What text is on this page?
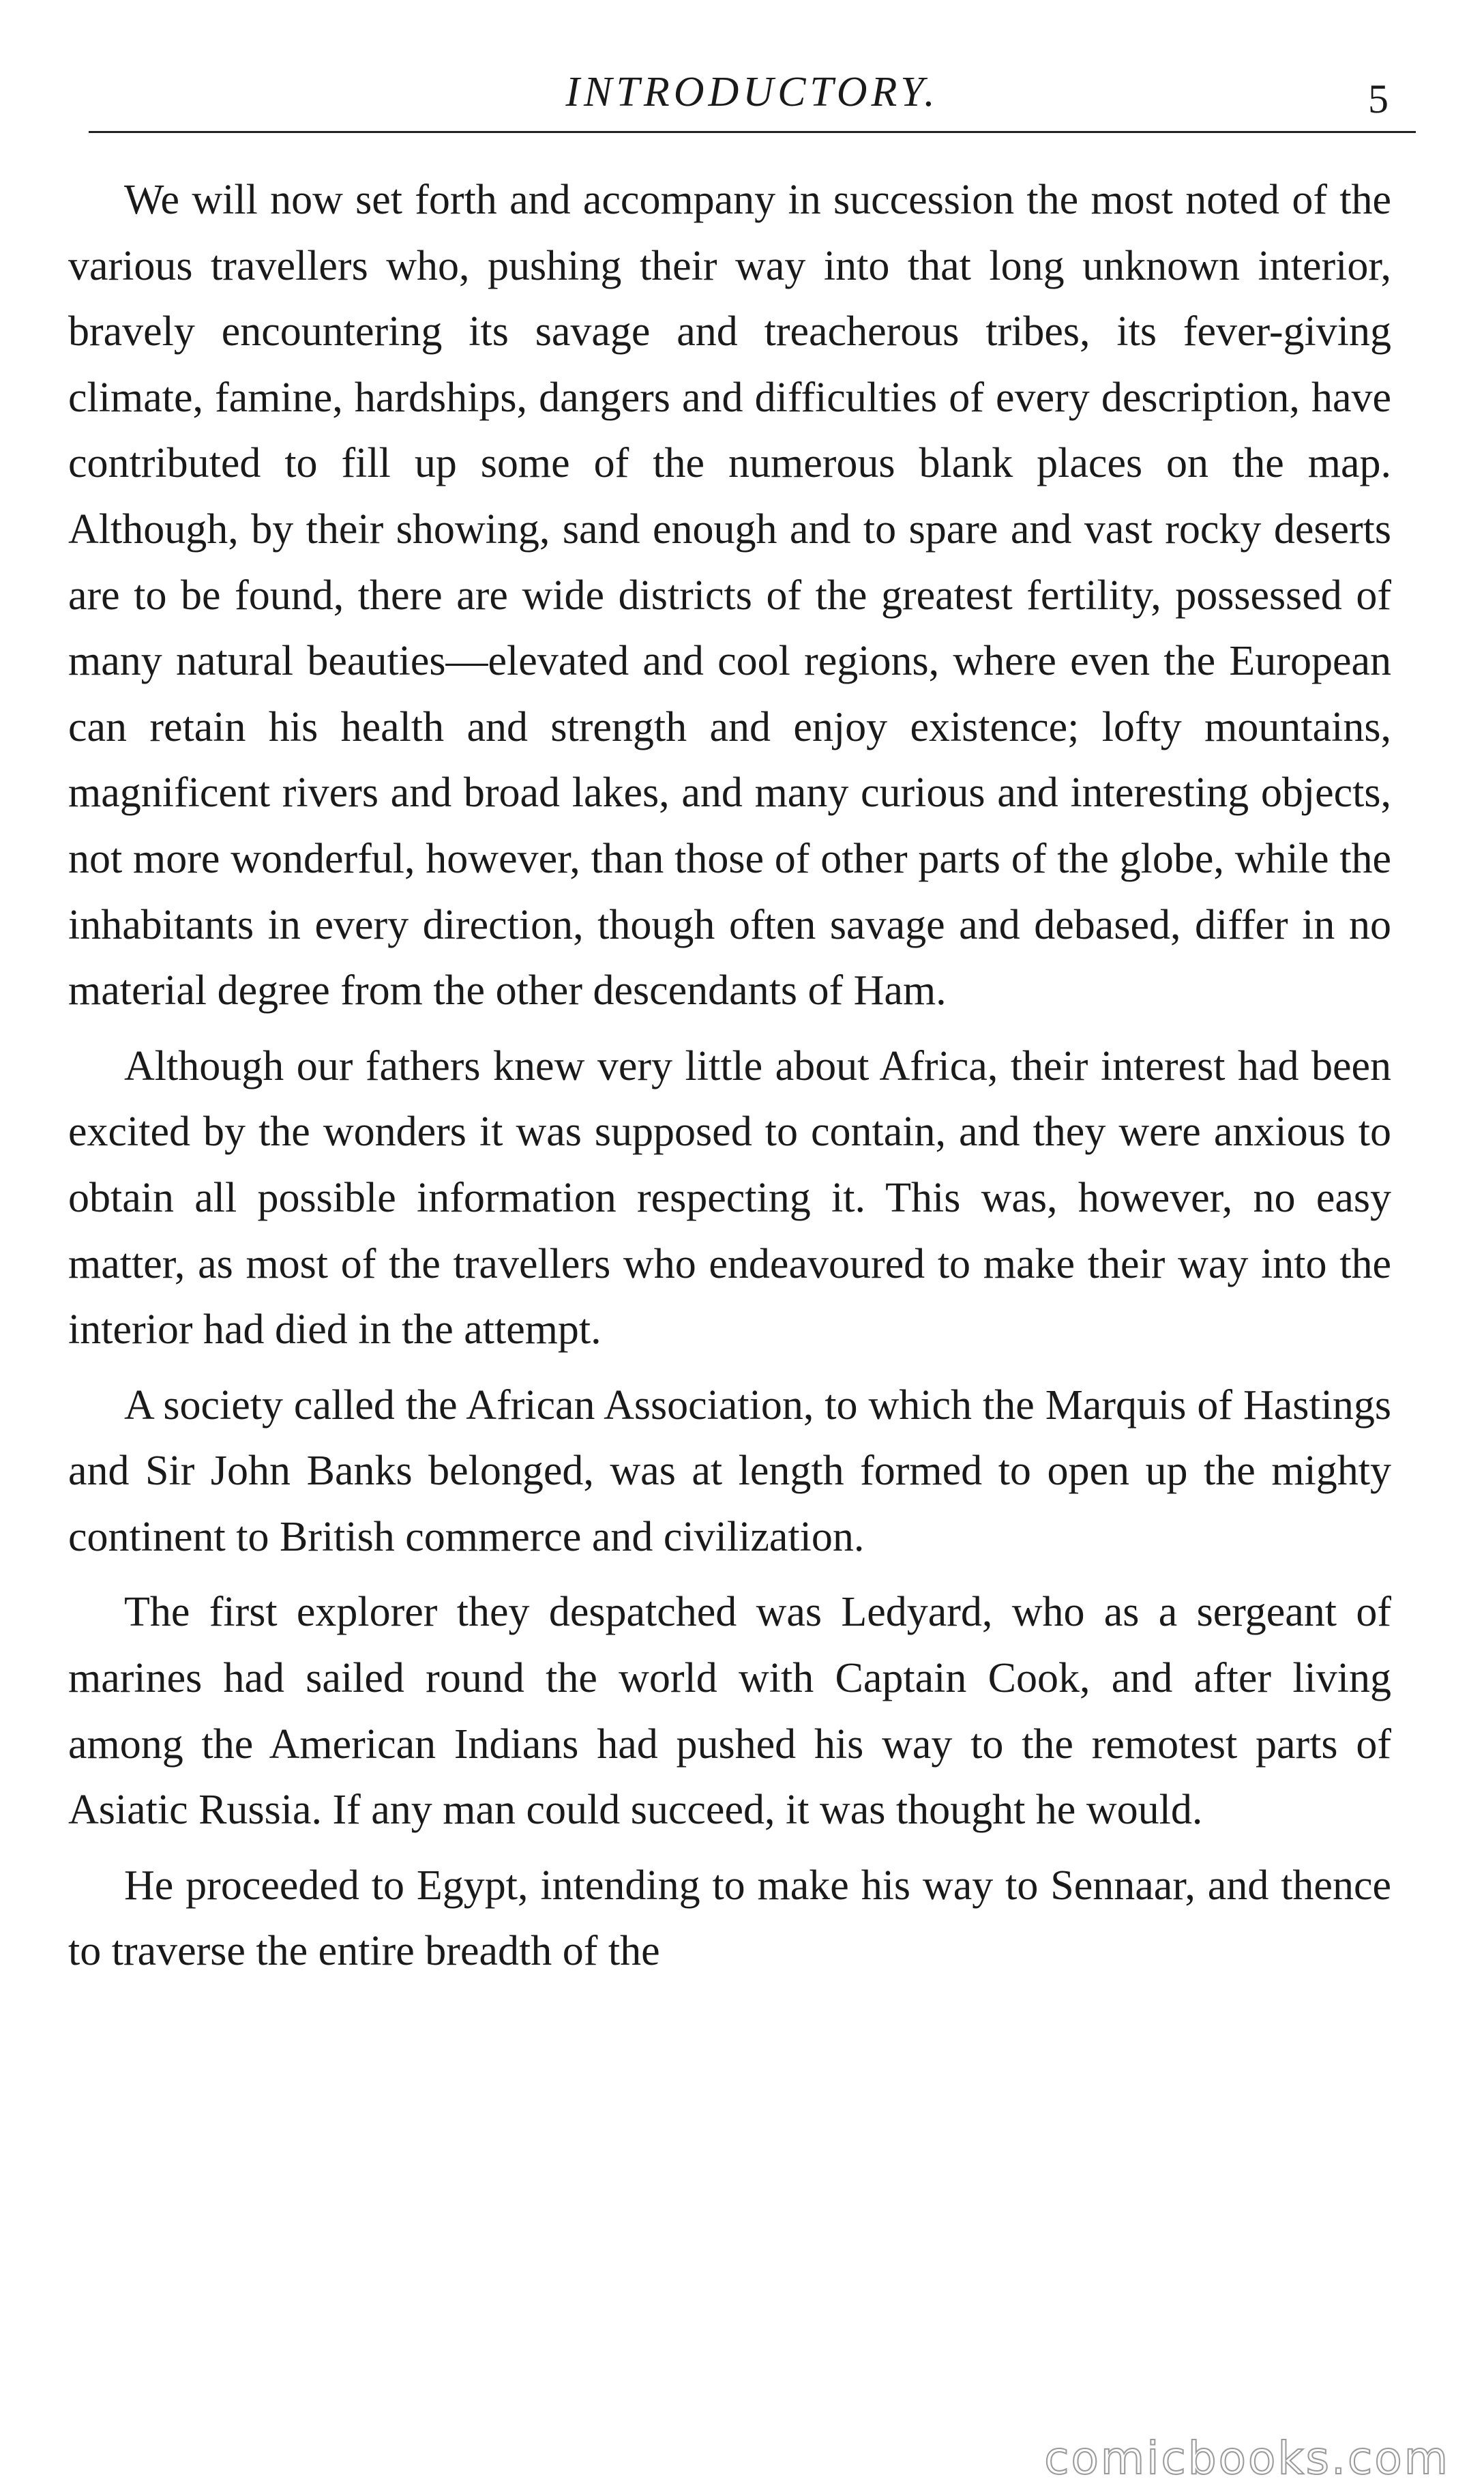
INTRODUCTORY.	5

We will now set forth and accompany in succession the most noted of the various travellers who, pushing their way into that long unknown interior, bravely encountering its savage and treacherous tribes, its fever-giving climate, famine, hardships, dangers and difficulties of every description, have contributed to fill up some of the numerous blank places on the map. Although, by their showing, sand enough and to spare and vast rocky deserts are to be found, there are wide districts of the greatest fertility, possessed of many natural beauties—elevated and cool regions, where even the European can retain his health and strength and enjoy existence; lofty mountains, magnificent rivers and broad lakes, and many curious and interesting objects, not more wonderful, however, than those of other parts of the globe, while the inhabitants in every direction, though often savage and debased, differ in no material degree from the other descendants of Ham.

Although our fathers knew very little about Africa, their interest had been excited by the wonders it was supposed to contain, and they were anxious to obtain all possible information respecting it. This was, however, no easy matter, as most of the travellers who endeavoured to make their way into the interior had died in the attempt.

A society called the African Association, to which the Marquis of Hastings and Sir John Banks belonged, was at length formed to open up the mighty continent to British commerce and civilization.

The first explorer they despatched was Ledyard, who as a sergeant of marines had sailed round the world with Captain Cook, and after living among the American Indians had pushed his way to the remotest parts of Asiatic Russia. If any man could succeed, it was thought he would.

He proceeded to Egypt, intending to make his way to Sennaar, and thence to traverse the entire breadth of the

comicbooks.com
